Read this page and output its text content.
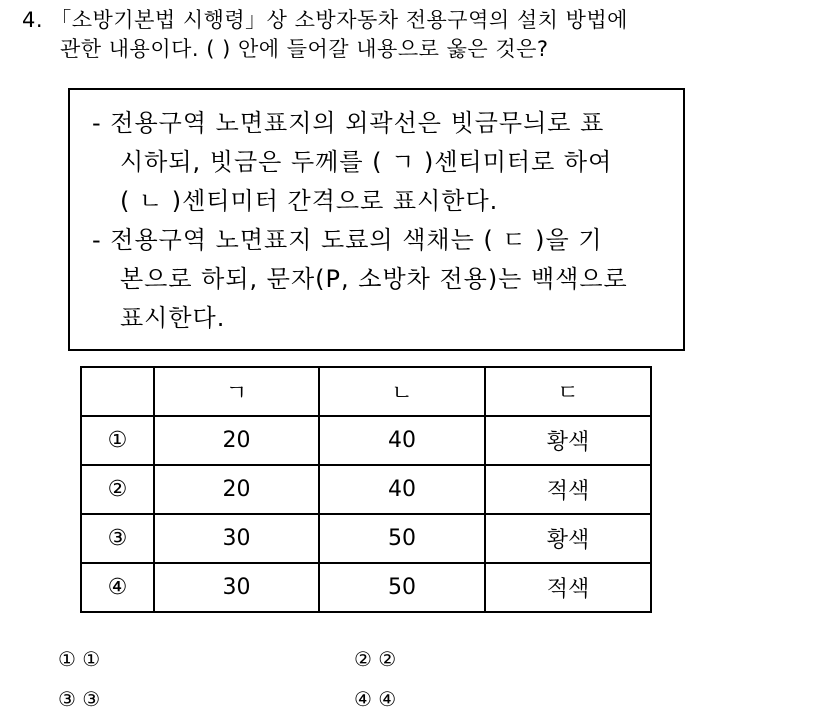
4. 「소방기본법 시행령」상 소방자동차 전용구역의 설치 방법에
관한 내용이다. ( ) 안에 들어갈 내용으로 옳은 것은?
- 전용구역 노면표지의 외곽선은 빗금무늬로 표
시하되, 빗금은 두께를 ( ㄱ )센티미터로 하여
( ㄴ )센티미터 간격으로 표시한다.
- 전용구역 노면표지 도료의 색채는 ( ㄷ )을 기
본으로 하되, 문자(P, 소방차 전용)는 백색으로
표시한다.
	ㄱ	ㄴ	ㄷ
①	20	40	황색
②	20	40	적색
③	30	50	황색
④	30	50	적색
① ①	② ②
③ ③	④ ④
